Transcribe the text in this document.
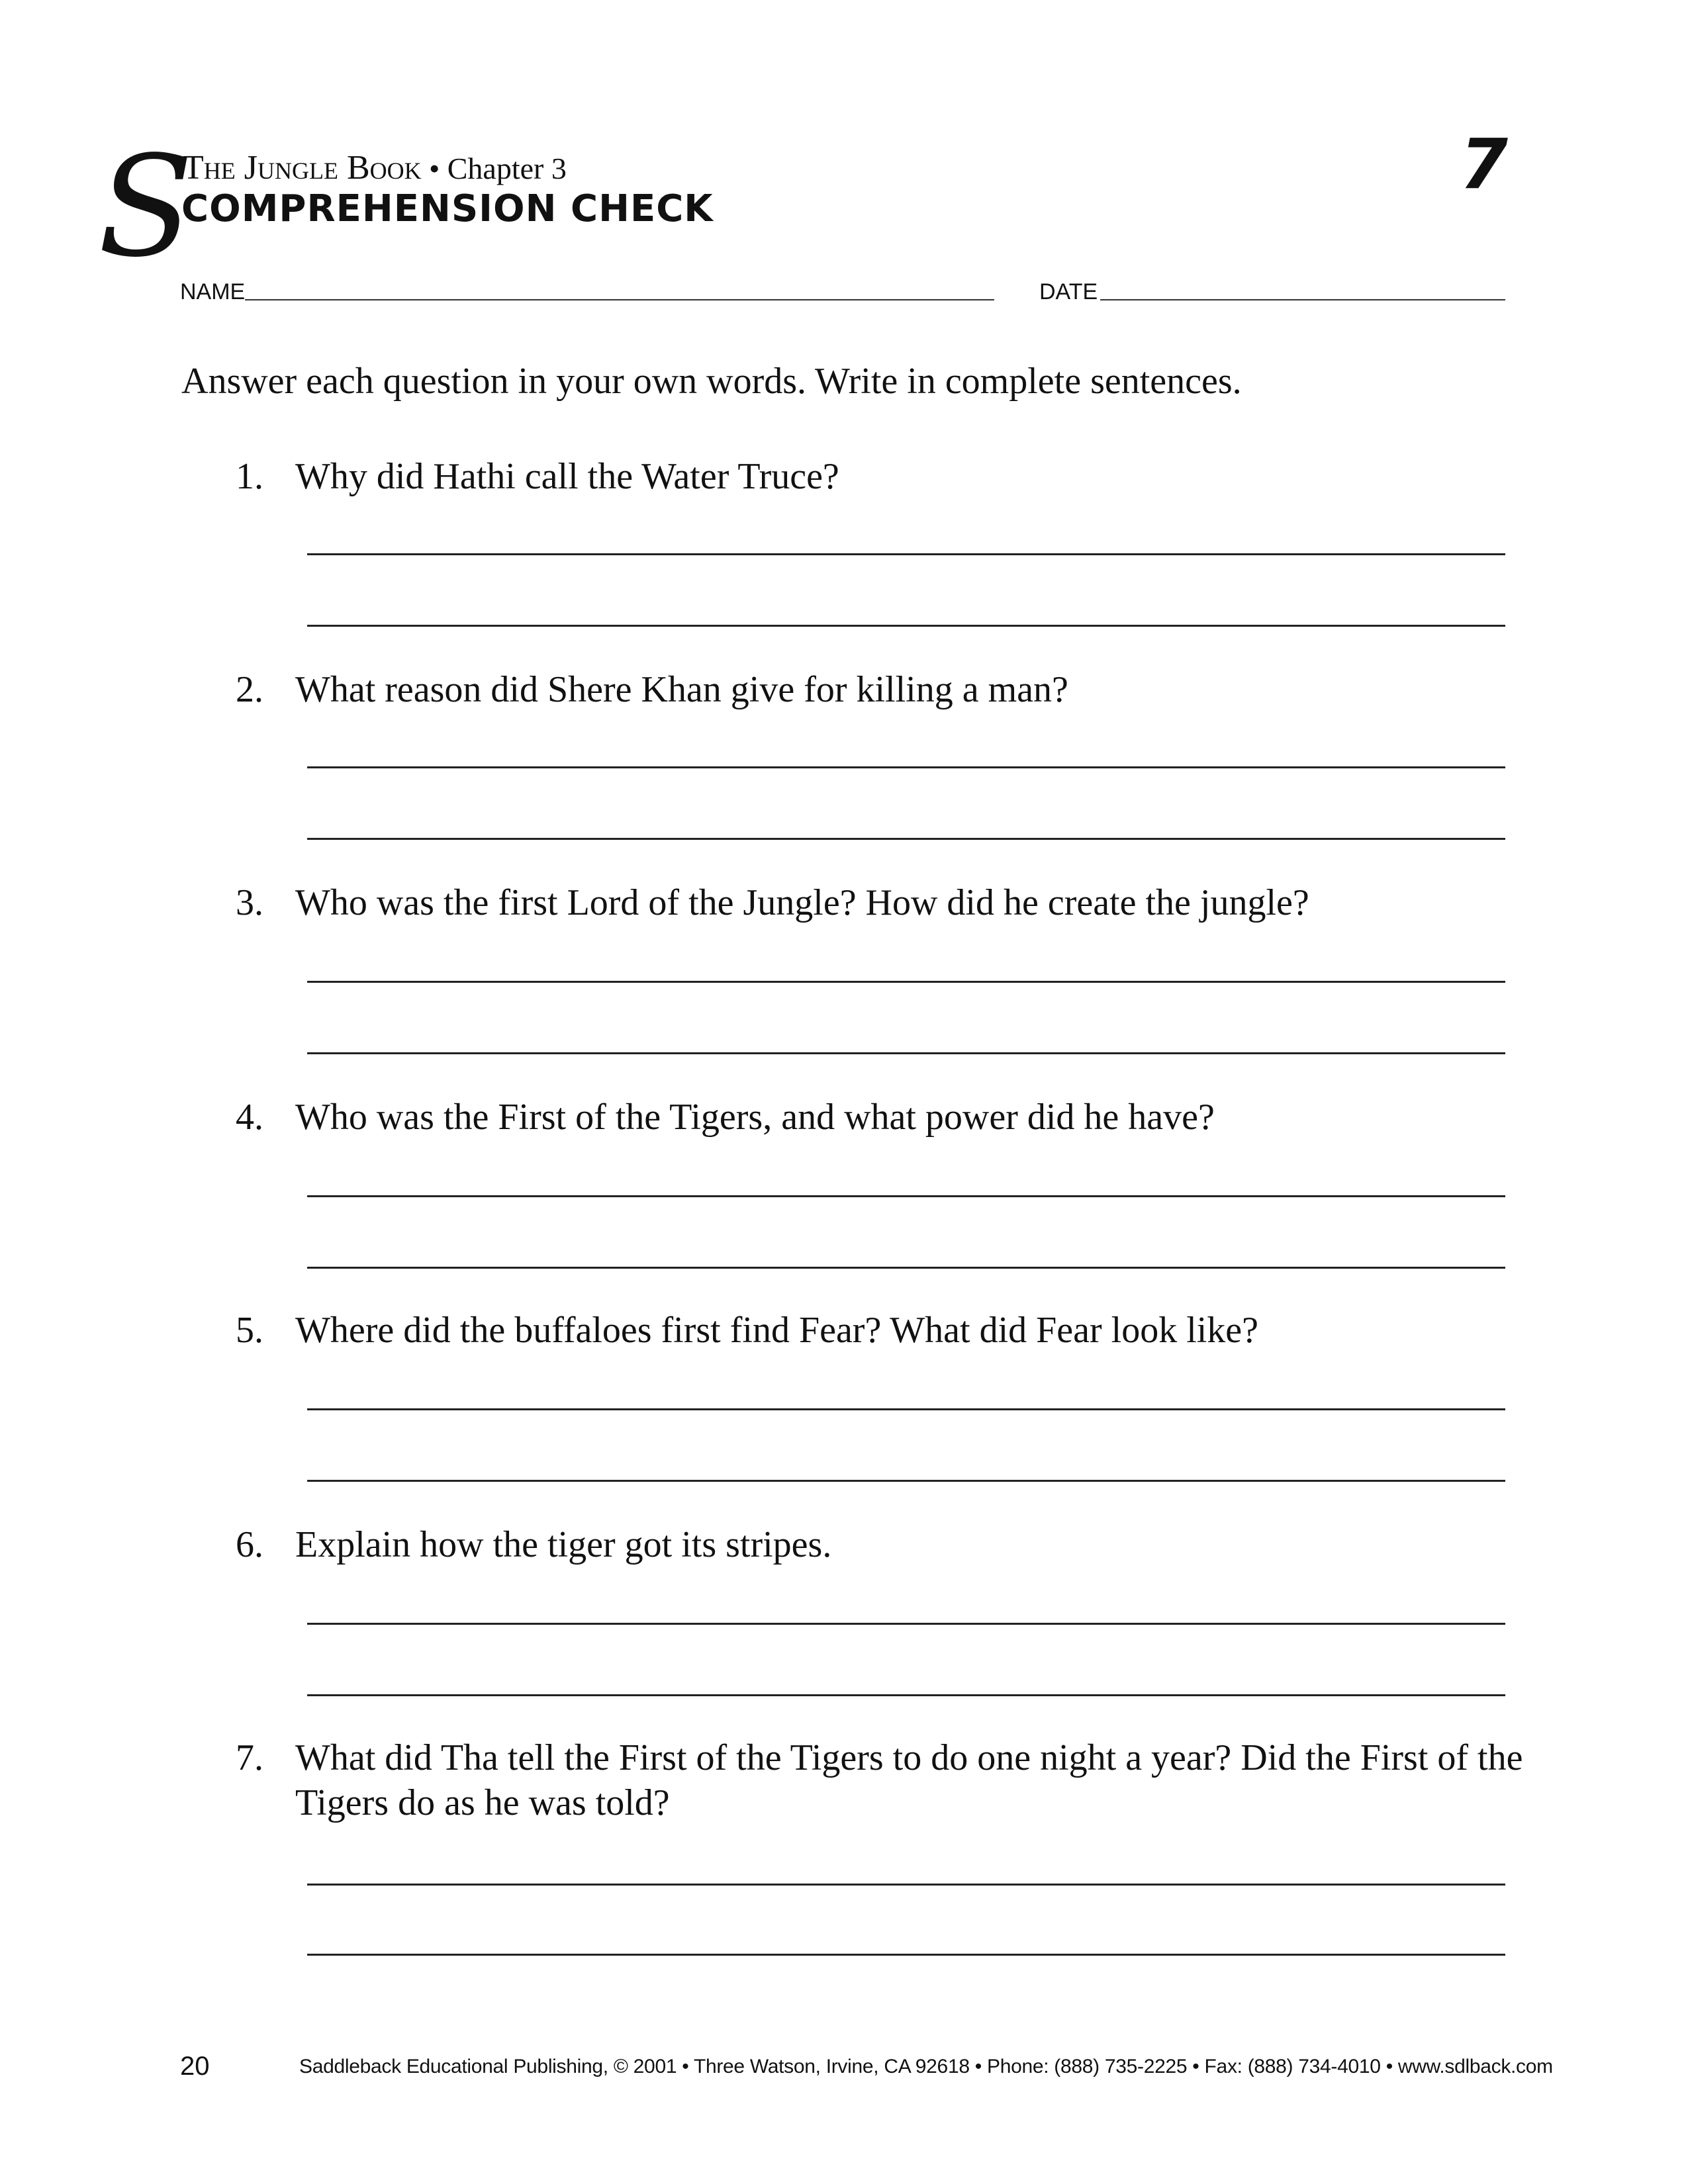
S
The Jungle Book • Chapter 3
COMPREHENSION CHECK
7
NAME	DATE
Answer each question in your own words. Write in complete sentences.
1. Why did Hathi call the Water Truce?
2. What reason did Shere Khan give for killing a man?
3. Who was the first Lord of the Jungle? How did he create the jungle?
4. Who was the First of the Tigers, and what power did he have?
5. Where did the buffaloes first find Fear? What did Fear look like?
6. Explain how the tiger got its stripes.
7. What did Tha tell the First of the Tigers to do one night a year? Did the First of the Tigers do as he was told?
20	Saddleback Educational Publishing, © 2001 • Three Watson, Irvine, CA 92618 • Phone: (888) 735-2225 • Fax: (888) 734-4010 • www.sdlback.com
